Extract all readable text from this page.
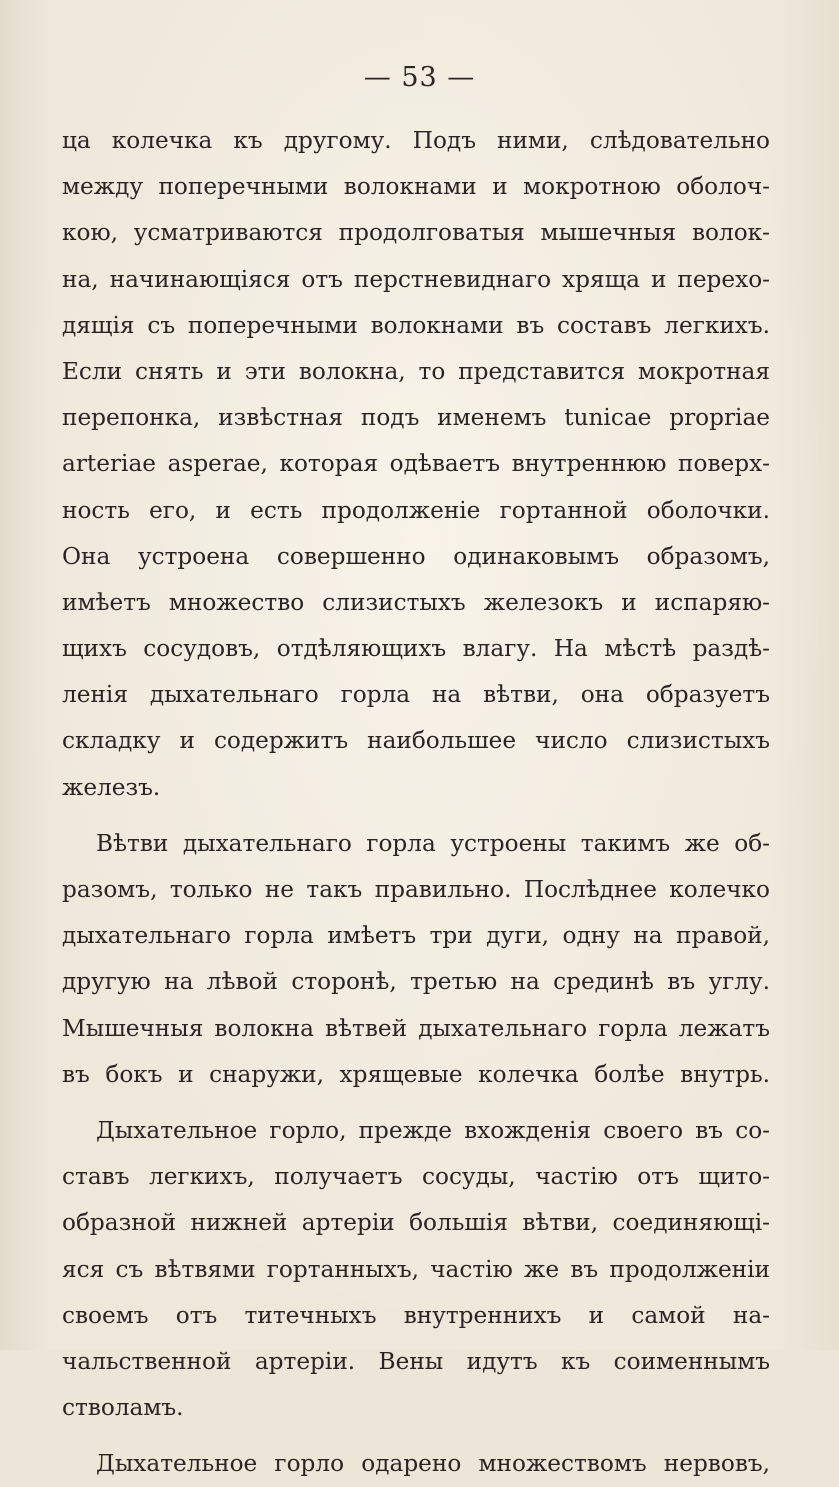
— 53 —
ца колечка къ другому. Подъ ними, слѣдовательно
между поперечными волокнами и мокротною оболоч-
кою, усматриваются продолговатыя мышечныя волок-
на, начинающіяся отъ перстневиднаго хряща и перехо-
дящія съ поперечными волокнами въ составъ легкихъ.
Если снять и эти волокна, то представится мокротная
перепонка, извѣстная подъ именемъ tunicae propriae
arteriae asperae, которая одѣваетъ внутреннюю поверх-
ность его, и есть продолженіе гортанной оболочки.
Она устроена совершенно одинаковымъ образомъ,
имѣетъ множество слизистыхъ железокъ и испаряю-
щихъ сосудовъ, отдѣляющихъ влагу. На мѣстѣ раздѣ-
ленія дыхательнаго горла на вѣтви, она образуетъ
складку и содержитъ наибольшее число слизистыхъ
железъ.
Вѣтви дыхательнаго горла устроены такимъ же об-
разомъ, только не такъ правильно. Послѣднее колечко
дыхательнаго горла имѣетъ три дуги, одну на правой,
другую на лѣвой сторонѣ, третью на срединѣ въ углу.
Мышечныя волокна вѣтвей дыхательнаго горла лежатъ
въ бокъ и снаружи, хрящевые колечка болѣе внутрь.
Дыхательное горло, прежде вхожденія своего въ со-
ставъ легкихъ, получаетъ сосуды, частію отъ щито-
образной нижней артеріи большія вѣтви, соединяющі-
яся съ вѣтвями гортанныхъ, частію же въ продолженіи
своемъ отъ титечныхъ внутреннихъ и самой на-
чальственной артеріи. Вены идутъ къ соименнымъ
стволамъ.
Дыхательное горло одарено множествомъ нервовъ,
